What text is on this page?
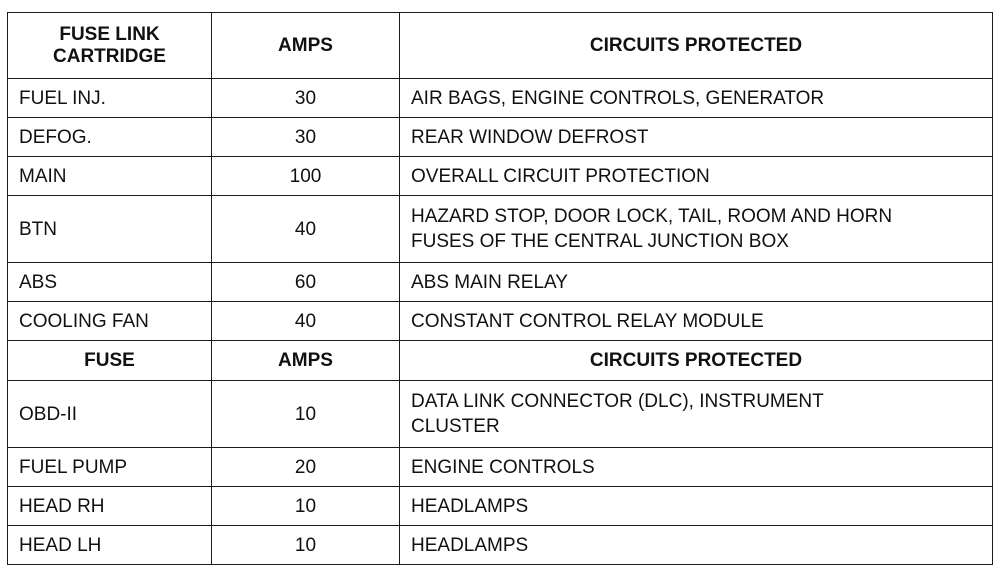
FUSE LINK
CARTRIDGE	AMPS	CIRCUITS PROTECTED
FUEL INJ.	30	AIR BAGS, ENGINE CONTROLS, GENERATOR
DEFOG.	30	REAR WINDOW DEFROST
MAIN	100	OVERALL CIRCUIT PROTECTION
BTN	40	HAZARD STOP, DOOR LOCK, TAIL, ROOM AND HORN
FUSES OF THE CENTRAL JUNCTION BOX
ABS	60	ABS MAIN RELAY
COOLING FAN	40	CONSTANT CONTROL RELAY MODULE
FUSE	AMPS	CIRCUITS PROTECTED
OBD-II	10	DATA LINK CONNECTOR (DLC), INSTRUMENT
CLUSTER
FUEL PUMP	20	ENGINE CONTROLS
HEAD RH	10	HEADLAMPS
HEAD LH	10	HEADLAMPS
